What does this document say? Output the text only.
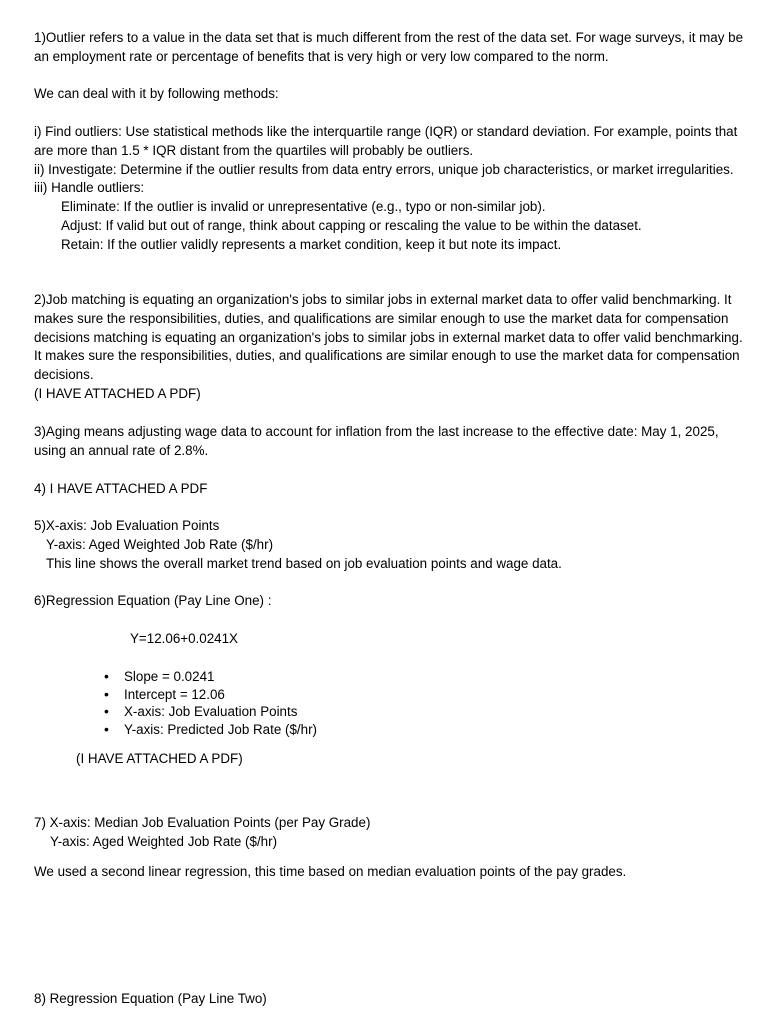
1)Outlier refers to a value in the data set that is much different from the rest of the data set. For wage surveys, it may be an employment rate or percentage of benefits that is very high or very low compared to the norm.

We can deal with it by following methods:

i) Find outliers: Use statistical methods like the interquartile range (IQR) or standard deviation. For example, points that are more than 1.5 * IQR distant from the quartiles will probably be outliers.

ii) Investigate: Determine if the outlier results from data entry errors, unique job characteristics, or market irregularities.

iii) Handle outliers:

Eliminate: If the outlier is invalid or unrepresentative (e.g., typo or non-similar job).

Adjust: If valid but out of range, think about capping or rescaling the value to be within the dataset.

Retain: If the outlier validly represents a market condition, keep it but note its impact.

2)Job matching is equating an organization's jobs to similar jobs in external market data to offer valid benchmarking. It makes sure the responsibilities, duties, and qualifications are similar enough to use the market data for compensation decisions matching is equating an organization's jobs to similar jobs in external market data to offer valid benchmarking. It makes sure the responsibilities, duties, and qualifications are similar enough to use the market data for compensation decisions.

(I HAVE ATTACHED A PDF)

3)Aging means adjusting wage data to account for inflation from the last increase to the effective date: May 1, 2025, using an annual rate of 2.8%.

4) I HAVE ATTACHED A PDF

5)X-axis: Job Evaluation Points

Y-axis: Aged Weighted Job Rate ($/hr)

This line shows the overall market trend based on job evaluation points and wage data.

6)Regression Equation (Pay Line One) :

Y=12.06+0.0241X
• Slope = 0.0241
• Intercept = 12.06
• X-axis: Job Evaluation Points
• Y-axis: Predicted Job Rate ($/hr)
(I HAVE ATTACHED A PDF)

7) X-axis: Median Job Evaluation Points (per Pay Grade)

Y-axis: Aged Weighted Job Rate ($/hr)

We used a second linear regression, this time based on median evaluation points of the pay grades.

8) Regression Equation (Pay Line Two)
